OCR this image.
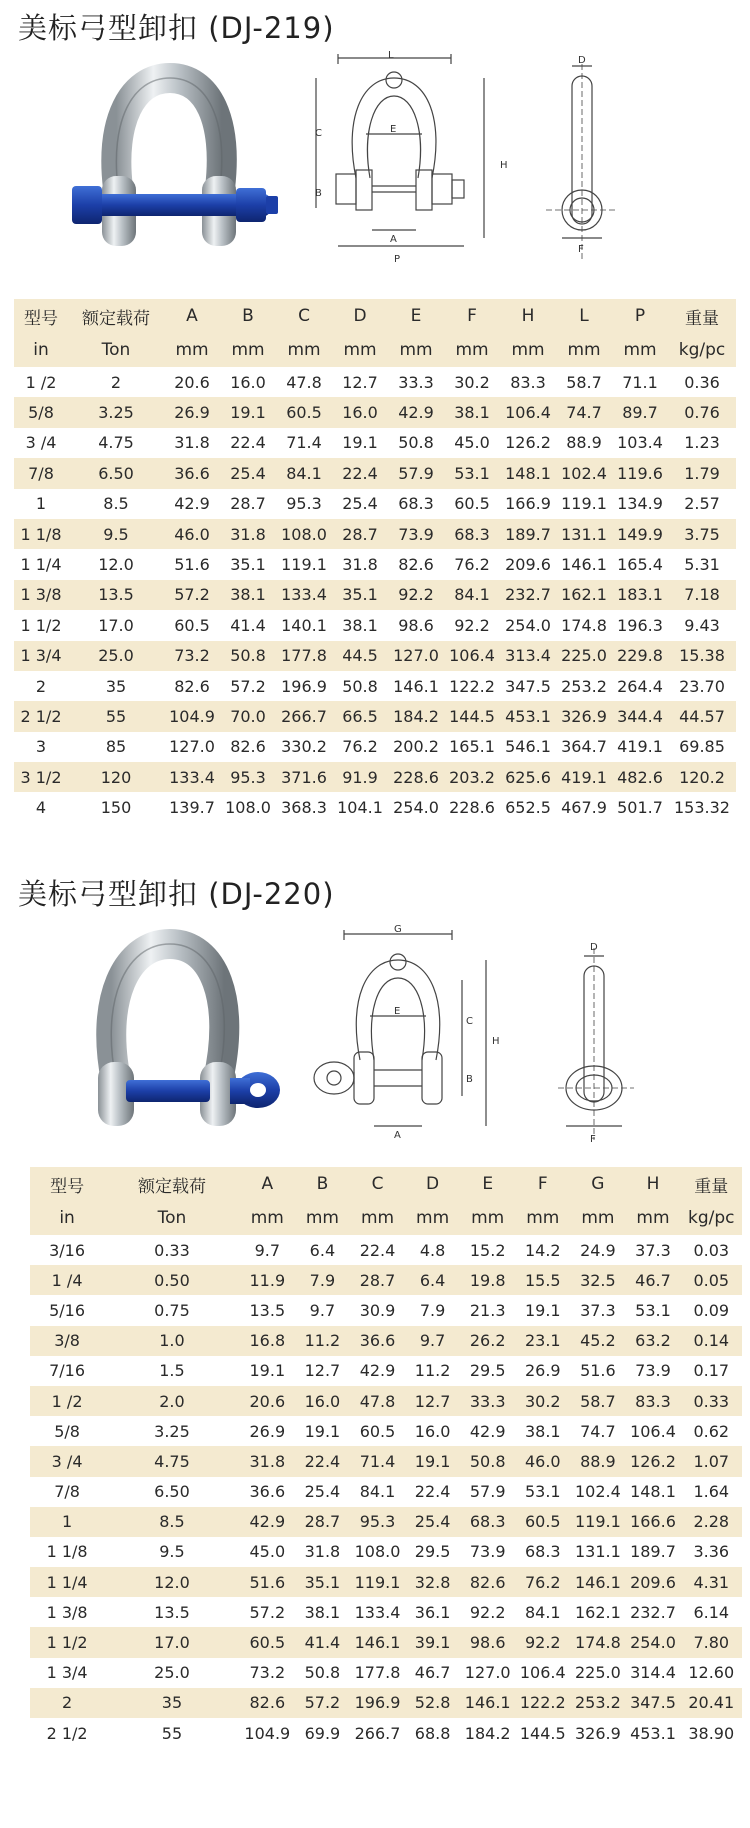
美标弓型卸扣 (DJ-219)
L
C
B
E
A
P
H
D
F
型号	额定载荷	A	B	C	D	E	F	H	L	P	重量
in	Ton	mm	mm	mm	mm	mm	mm	mm	mm	mm	kg/pc
1 /2	2	20.6	16.0	47.8	12.7	33.3	30.2	83.3	58.7	71.1	0.36
5/8	3.25	26.9	19.1	60.5	16.0	42.9	38.1	106.4	74.7	89.7	0.76
3 /4	4.75	31.8	22.4	71.4	19.1	50.8	45.0	126.2	88.9	103.4	1.23
7/8	6.50	36.6	25.4	84.1	22.4	57.9	53.1	148.1	102.4	119.6	1.79
1	8.5	42.9	28.7	95.3	25.4	68.3	60.5	166.9	119.1	134.9	2.57
1 1/8	9.5	46.0	31.8	108.0	28.7	73.9	68.3	189.7	131.1	149.9	3.75
1 1/4	12.0	51.6	35.1	119.1	31.8	82.6	76.2	209.6	146.1	165.4	5.31
1 3/8	13.5	57.2	38.1	133.4	35.1	92.2	84.1	232.7	162.1	183.1	7.18
1 1/2	17.0	60.5	41.4	140.1	38.1	98.6	92.2	254.0	174.8	196.3	9.43
1 3/4	25.0	73.2	50.8	177.8	44.5	127.0	106.4	313.4	225.0	229.8	15.38
2	35	82.6	57.2	196.9	50.8	146.1	122.2	347.5	253.2	264.4	23.70
2 1/2	55	104.9	70.0	266.7	66.5	184.2	144.5	453.1	326.9	344.4	44.57
3	85	127.0	82.6	330.2	76.2	200.2	165.1	546.1	364.7	419.1	69.85
3 1/2	120	133.4	95.3	371.6	91.9	228.6	203.2	625.6	419.1	482.6	120.2
4	150	139.7	108.0	368.3	104.1	254.0	228.6	652.5	467.9	501.7	153.32
美标弓型卸扣 (DJ-220)
G
E
C
B
A
H
D
F
型号	额定载荷	A	B	C	D	E	F	G	H	重量
in	Ton	mm	mm	mm	mm	mm	mm	mm	mm	kg/pc
3/16	0.33	9.7	6.4	22.4	4.8	15.2	14.2	24.9	37.3	0.03
1 /4	0.50	11.9	7.9	28.7	6.4	19.8	15.5	32.5	46.7	0.05
5/16	0.75	13.5	9.7	30.9	7.9	21.3	19.1	37.3	53.1	0.09
3/8	1.0	16.8	11.2	36.6	9.7	26.2	23.1	45.2	63.2	0.14
7/16	1.5	19.1	12.7	42.9	11.2	29.5	26.9	51.6	73.9	0.17
1 /2	2.0	20.6	16.0	47.8	12.7	33.3	30.2	58.7	83.3	0.33
5/8	3.25	26.9	19.1	60.5	16.0	42.9	38.1	74.7	106.4	0.62
3 /4	4.75	31.8	22.4	71.4	19.1	50.8	46.0	88.9	126.2	1.07
7/8	6.50	36.6	25.4	84.1	22.4	57.9	53.1	102.4	148.1	1.64
1	8.5	42.9	28.7	95.3	25.4	68.3	60.5	119.1	166.6	2.28
1 1/8	9.5	45.0	31.8	108.0	29.5	73.9	68.3	131.1	189.7	3.36
1 1/4	12.0	51.6	35.1	119.1	32.8	82.6	76.2	146.1	209.6	4.31
1 3/8	13.5	57.2	38.1	133.4	36.1	92.2	84.1	162.1	232.7	6.14
1 1/2	17.0	60.5	41.4	146.1	39.1	98.6	92.2	174.8	254.0	7.80
1 3/4	25.0	73.2	50.8	177.8	46.7	127.0	106.4	225.0	314.4	12.60
2	35	82.6	57.2	196.9	52.8	146.1	122.2	253.2	347.5	20.41
2 1/2	55	104.9	69.9	266.7	68.8	184.2	144.5	326.9	453.1	38.90
